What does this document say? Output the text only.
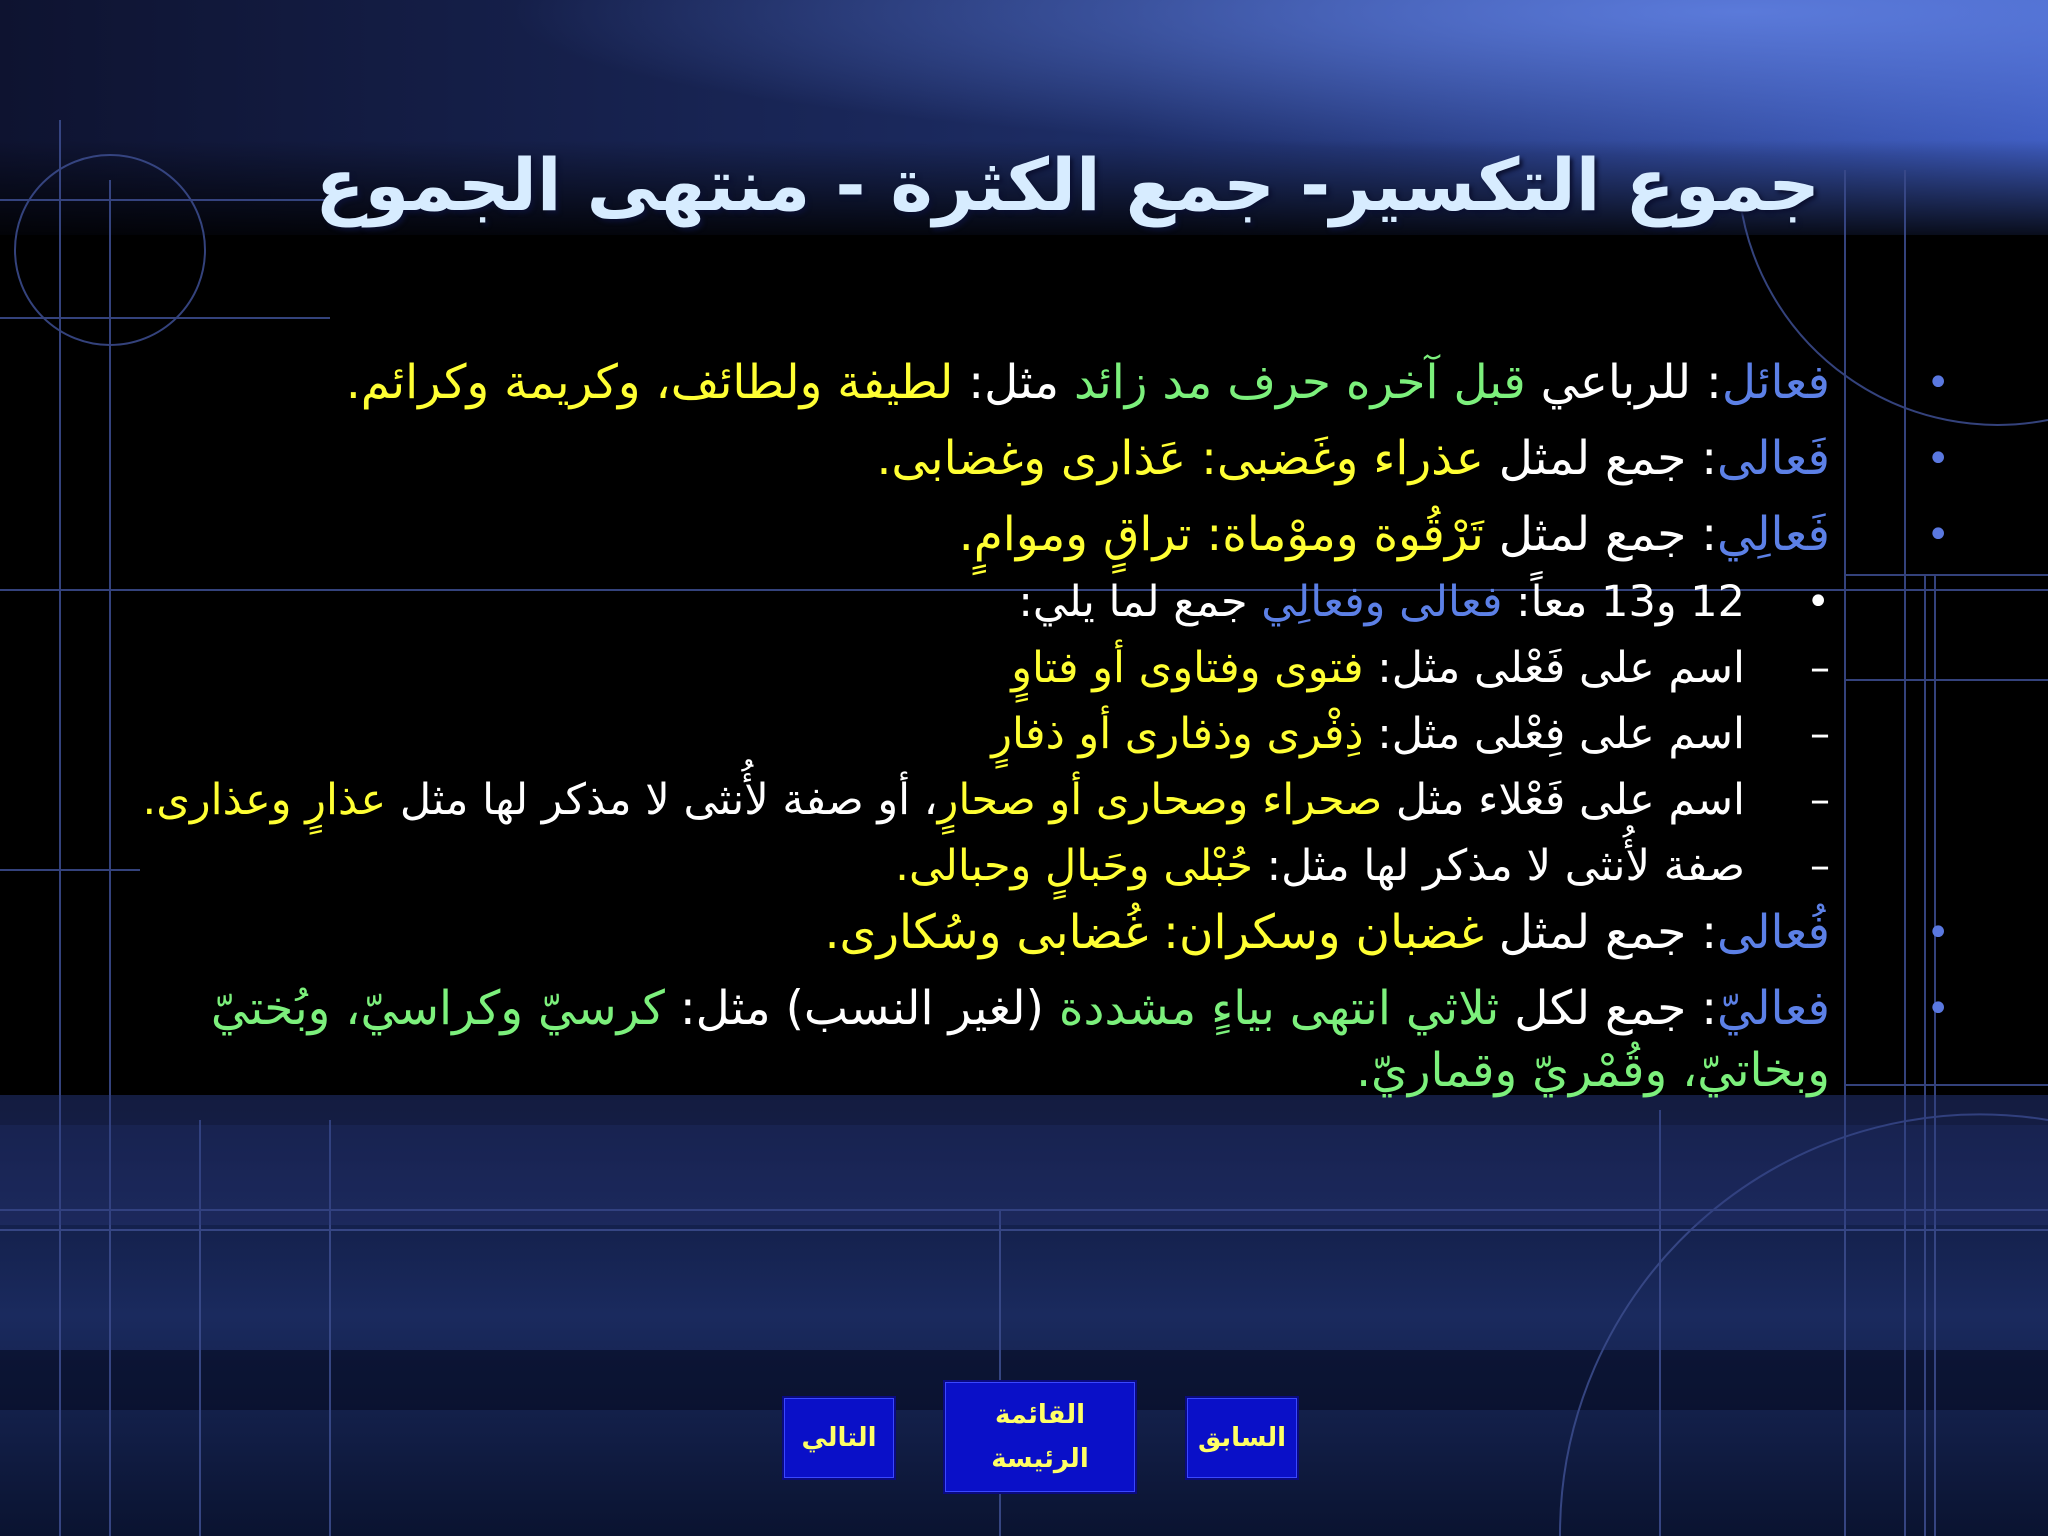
جموع التكسير- جمع الكثرة - منتهى الجموع
•
فعائل: للرباعي قبل آخره حرف مد زائد مثل: لطيفة ولطائف، وكريمة وكرائم.
•
فَعالى: جمع لمثل عذراء وغَضبى: عَذارى وغضابى.
•
فَعالِي: جمع لمثل تَرْقُوة وموْماة: تراقٍ وموامٍ.
•
12 و13 معاً: فعالى وفعالِي جمع لما يلي:
–
اسم على فَعْلى مثل: فتوى وفتاوى أو فتاوٍ
–
اسم على فِعْلى مثل: ذِفْرى وذفارى أو ذفارٍ
–
اسم على فَعْلاء مثل صحراء وصحارى أو صحارٍ، أو صفة لأُنثى لا مذكر لها مثل عذارٍ وعذارى.
–
صفة لأُنثى لا مذكر لها مثل: حُبْلى وحَبالٍ وحبالى.
•
فُعالى: جمع لمثل غضبان وسكران: غُضابى وسُكارى.
•
فعاليّ: جمع لكل ثلاثي انتهى بياءٍ مشددة (لغير النسب) مثل: كرسيّ وكراسيّ، وبُختيّ وبخاتيّ، وقُمْريّ وقماريّ.
التالي
القائمة
الرئيسة
السابق
